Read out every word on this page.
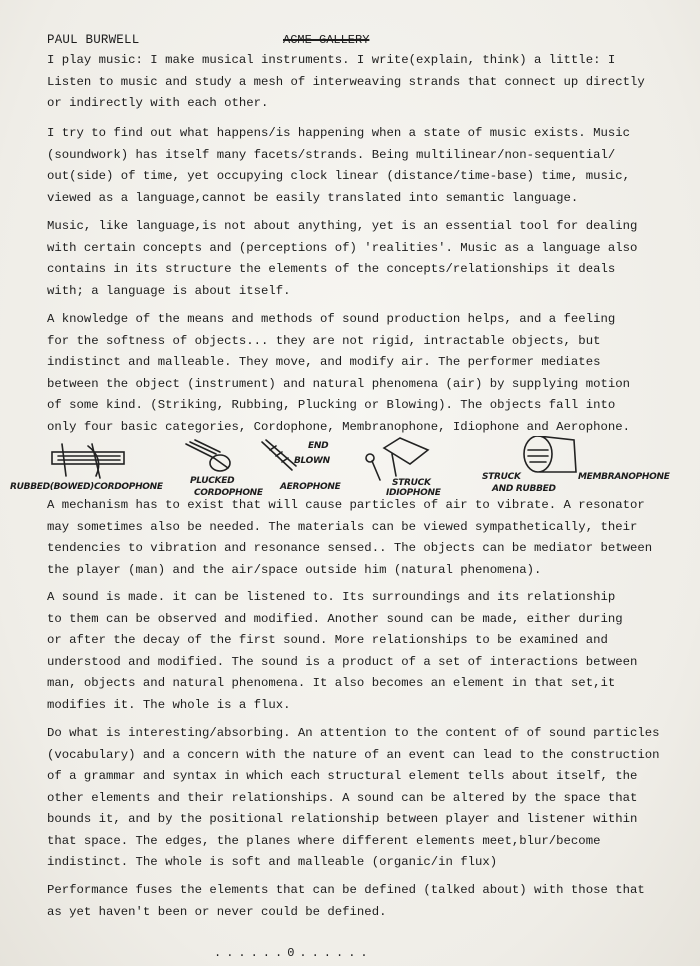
PAUL BURWELL	ACME GALLERY
I play music: I make musical instruments. I write(explain, think) a little: I
Listen to music and study a mesh of interweaving strands that connect up directly
or indirectly with each other.
I try to find out what happens/is happening when a state of music exists. Music
(soundwork) has itself many facets/strands. Being multilinear/non-sequential/
out(side) of time, yet occupying clock linear (distance/time-base) time, music,
viewed as a language,cannot be easily translated into semantic language.
Music, like language,is not about anything, yet is an essential tool for dealing
with certain concepts and (perceptions of) 'realities'. Music as a language also
contains in its structure the elements of the concepts/relationships it deals
with; a language is about itself.
A knowledge of the means and methods of sound production helps, and a feeling
for the softness of objects... they are not rigid, intractable objects, but
indistinct and malleable. They move, and modify air. The performer mediates
between the object (instrument) and natural phenomena (air) by supplying motion
of some kind. (Striking, Rubbing, Plucking or Blowing). The objects fall into
only four basic categories, Cordophone, Membranophone, Idiophone and Aerophone.
RUBBED(BOWED)CORDOPHONE
PLUCKED
CORDOPHONE
END
BLOWN
AEROPHONE	STRUCK
IDIOPHONE
STRUCK
AND RUBBED
MEMBRANOPHONE
A mechanism has to exist that will cause particles of air to vibrate. A resonator
may sometimes also be needed. The materials can be viewed sympathetically, their
tendencies to vibration and resonance sensed.. The objects can be mediator between
the player (man) and the air/space outside him (natural phenomena).
A sound is made. it can be listened to. Its surroundings and its relationship
to them can be observed and modified. Another sound can be made, either during
or after the decay of the first sound. More relationships to be examined and
understood and modified. The sound is a product of a set of interactions between
man, objects and natural phenomena. It also becomes an element in that set,it
modifies it. The whole is a flux.
Do what is interesting/absorbing. An attention to the content of of sound particles
(vocabulary) and a concern with the nature of an event can lead to the construction
of a grammar and syntax in which each structural element tells about itself, the
other elements and their relationships. A sound can be altered by the space that
bounds it, and by the positional relationship between player and listener within
that space. The edges, the planes where different elements meet,blur/become
indistinct. The whole is soft and malleable (organic/in flux)
Performance fuses the elements that can be defined (talked about) with those that
as yet haven't been or never could be defined.
......0......
